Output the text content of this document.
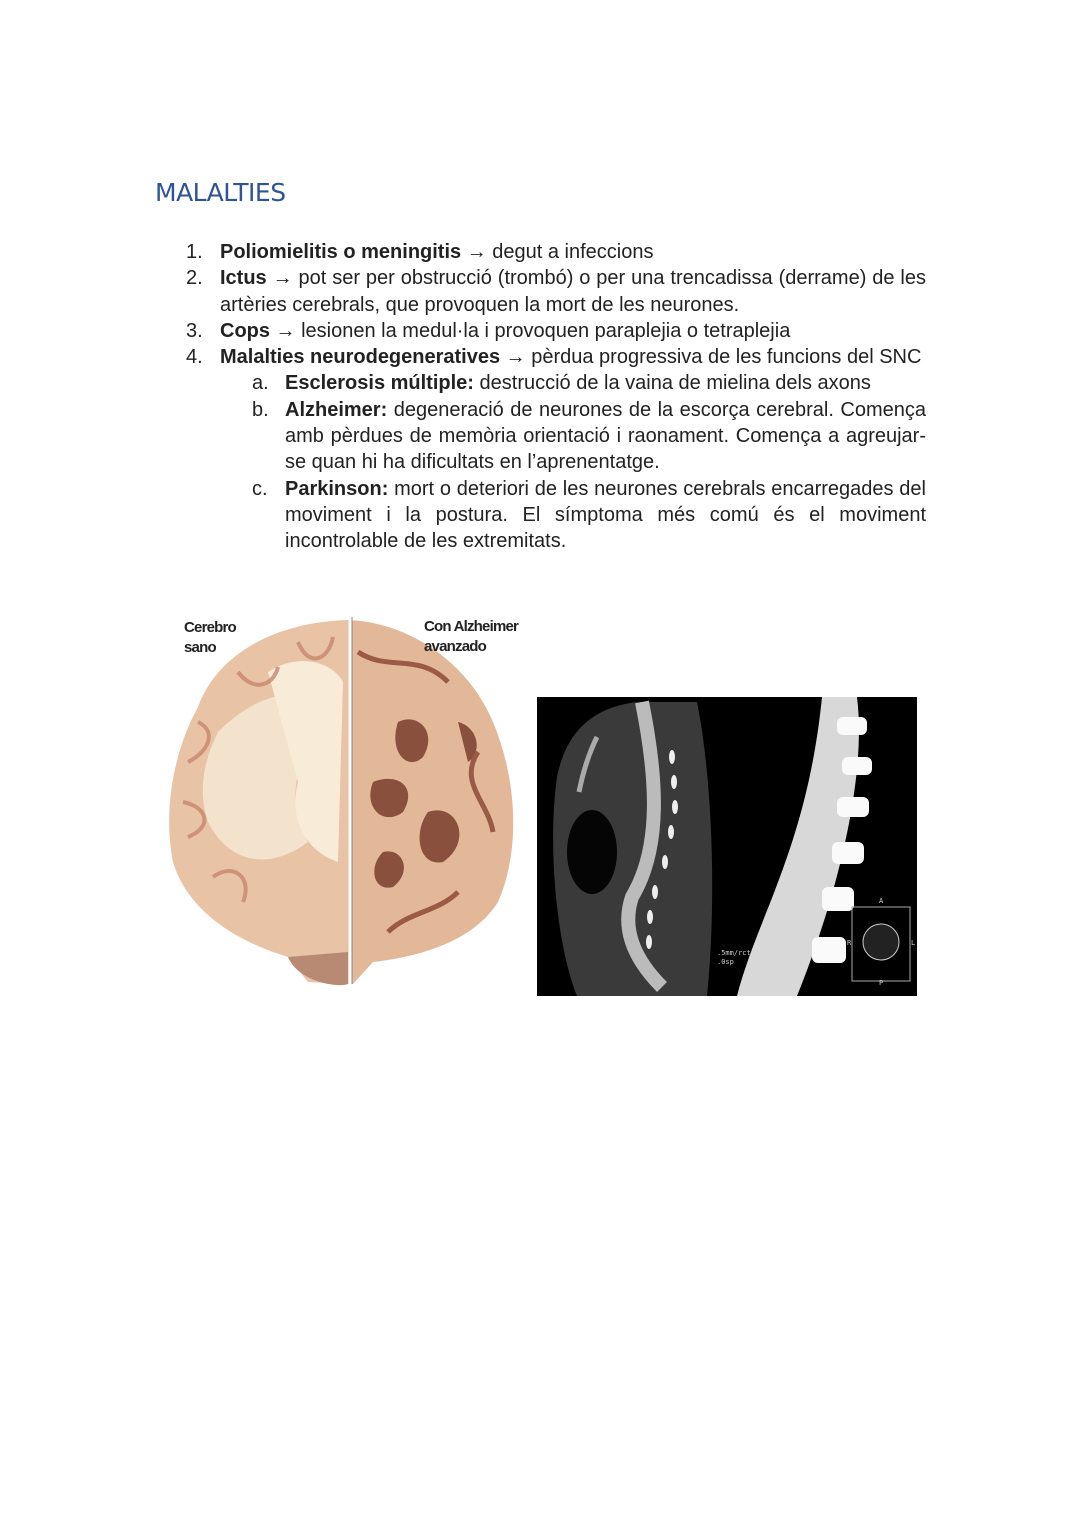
MALALTIES
1. Poliomielitis o meningitis → degut a infeccions
2. Ictus → pot ser per obstrucció (trombó) o per una trencadissa (derrame) de les artèries cerebrals, que provoquen la mort de les neurones.
3. Cops → lesionen la medul·la i provoquen paraplejia o tetraplejia
4. Malalties neurodegeneratives → pèrdua progressiva de les funcions del SNC
a. Esclerosis múltiple: destrucció de la vaina de mielina dels axons
b. Alzheimer: degeneració de neurones de la escorça cerebral. Comença amb pèrdues de memòria orientació i raonament. Comença a agreujar-se quan hi ha dificultats en l’aprenentatge.
c. Parkinson: mort o deteriori de les neurones cerebrals encarregades del moviment i la postura. El símptoma més comú és el moviment incontrolable de les extremitats.
Cerebro sano
Con Alzheimer avanzado
.5mm/rct
.0sp
A
P
R	L
